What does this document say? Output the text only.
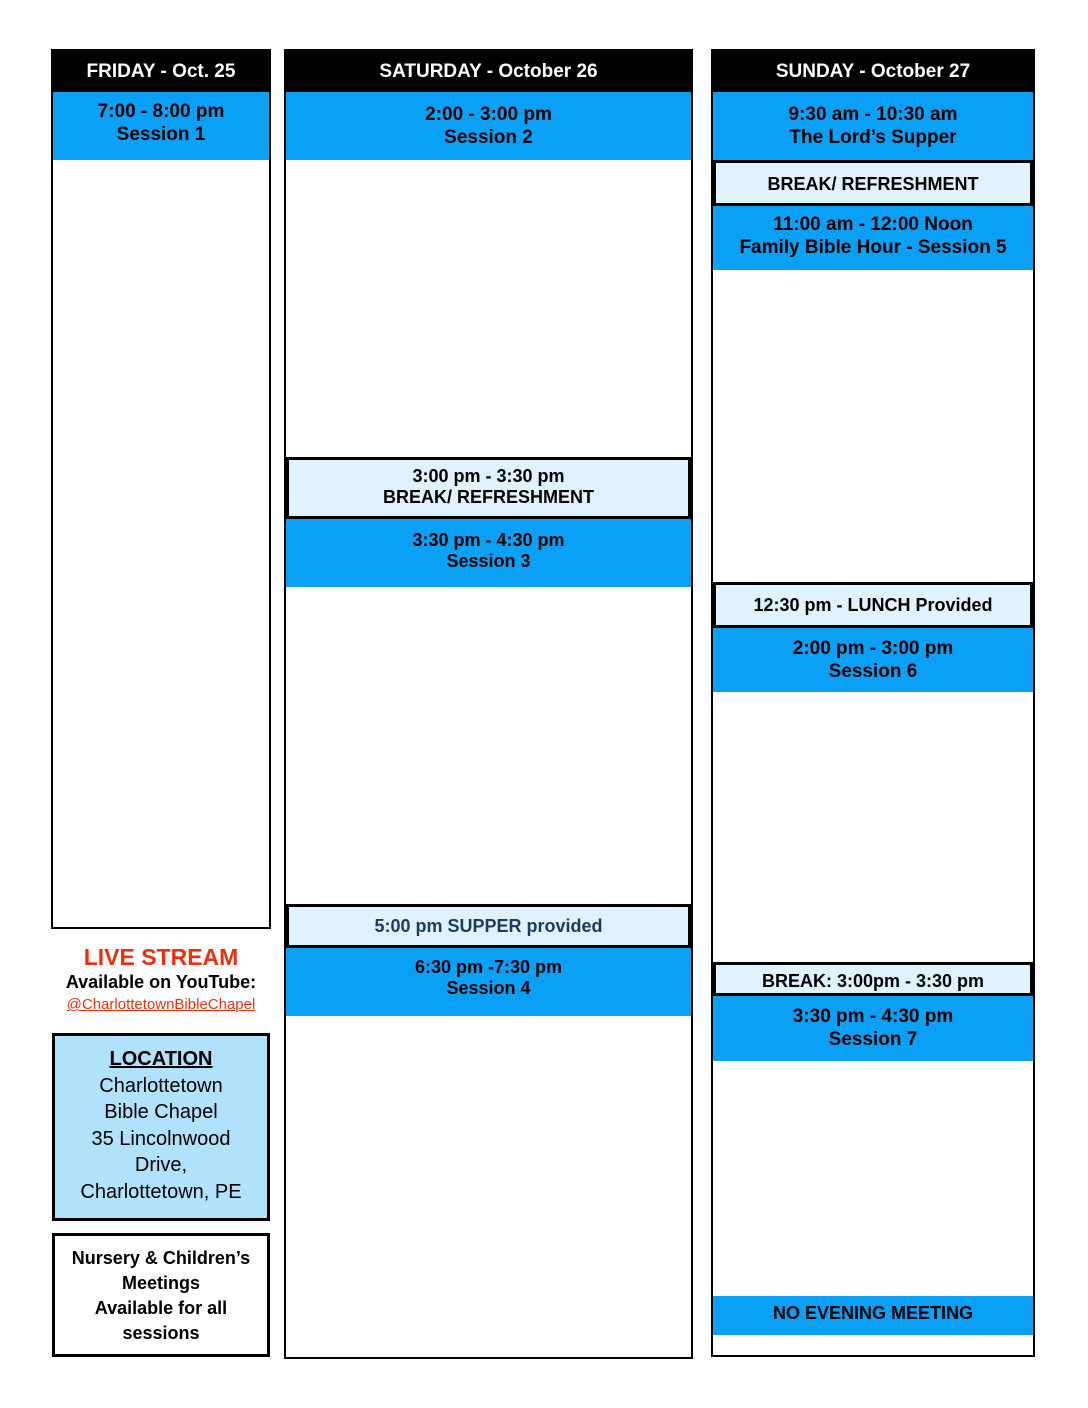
FRIDAY - Oct. 25
7:00 - 8:00 pm
Session 1
SATURDAY - October 26
2:00 - 3:00 pm
Session 2
3:00 pm - 3:30 pm
BREAK/ REFRESHMENT
3:30 pm - 4:30 pm
Session 3
5:00 pm SUPPER provided
6:30 pm -7:30 pm
Session 4
SUNDAY - October 27
9:30 am - 10:30 am
The Lord’s Supper
BREAK/ REFRESHMENT
11:00 am - 12:00 Noon
Family Bible Hour - Session 5
12:30 pm - LUNCH Provided
2:00 pm - 3:00 pm
Session 6
BREAK: 3:00pm - 3:30 pm
3:30 pm - 4:30 pm
Session 7
NO EVENING MEETING
LIVE STREAM
Available on YouTube:
@CharlottetownBibleChapel
LOCATION
Charlottetown
Bible Chapel
35 Lincolnwood
Drive,
Charlottetown, PE
Nursery & Children’s
Meetings
Available for all
sessions
